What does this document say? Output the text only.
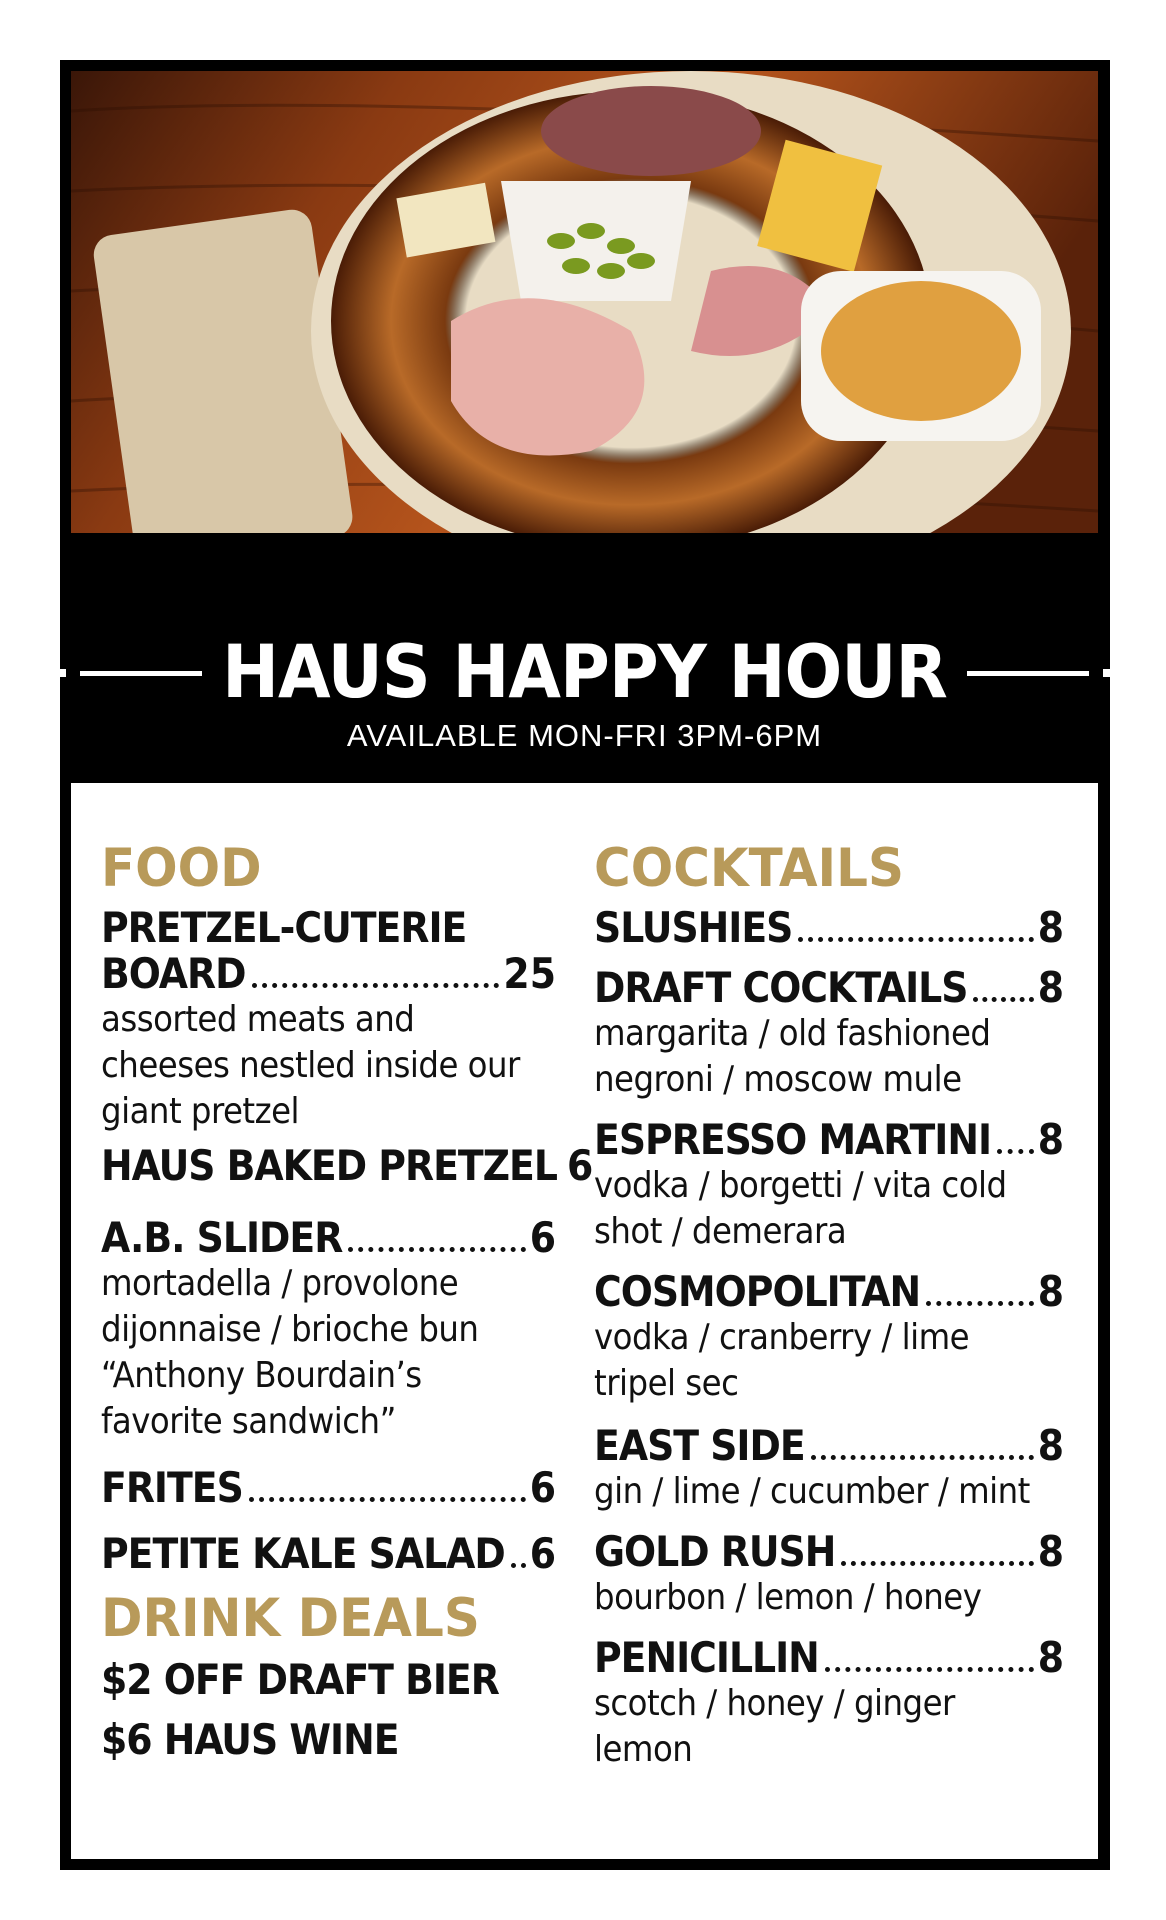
HAUS HAPPY HOUR
AVAILABLE MON-FRI 3PM-6PM
FOOD
PRETZEL-CUTERIE
BOARD	25
assorted meats and
cheeses nestled inside our
giant pretzel
HAUS BAKED PRETZEL 6
A.B. SLIDER	6
mortadella / provolone
dijonnaise / brioche bun
“Anthony Bourdain’s
favorite sandwich”
FRITES	6
PETITE KALE SALAD 6
DRINK DEALS
$2 OFF DRAFT BIER
$6 HAUS WINE
COCKTAILS
SLUSHIES	8
DRAFT COCKTAILS 8
margarita / old fashioned
negroni / moscow mule
ESPRESSO MARTINI 8
vodka / borgetti / vita cold
shot / demerara
COSMOPOLITAN	8
vodka / cranberry / lime
tripel sec
EAST SIDE	8
gin / lime / cucumber / mint
GOLD RUSH	8
bourbon / lemon / honey
PENICILLIN	8
scotch / honey / ginger
lemon
